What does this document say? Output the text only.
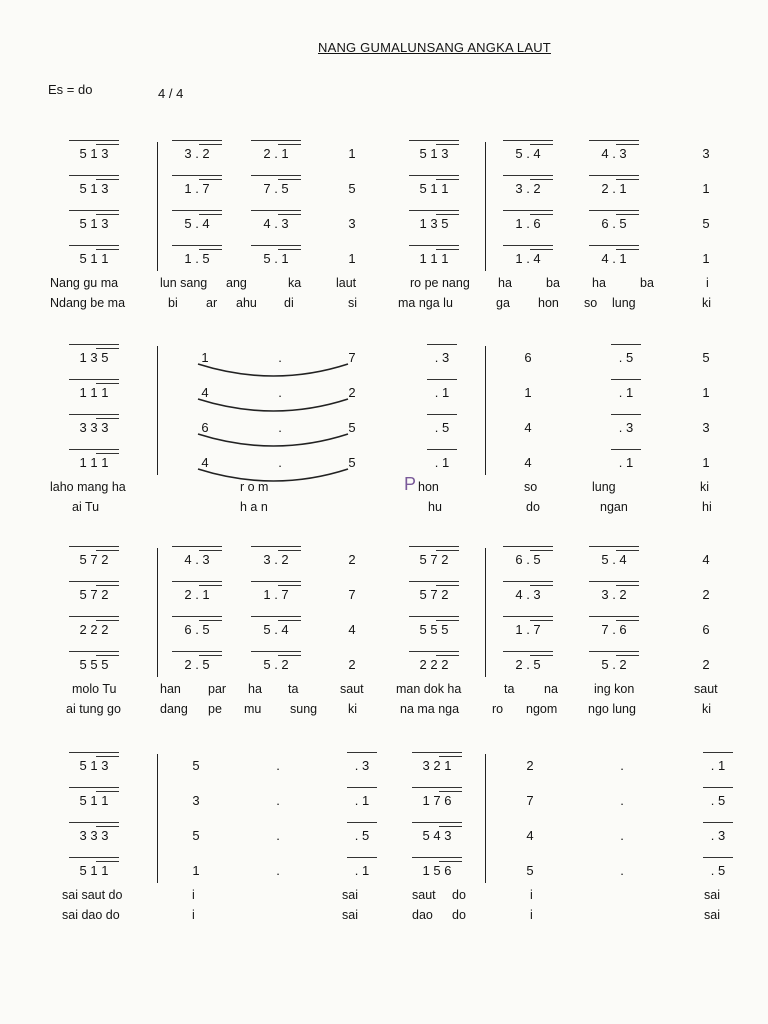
NANG GUMALUNSANG ANGKA LAUT
Es = do	4 / 4
5 1 3	3 . 2	2 . 1	1	5 1 3	5 . 4	4 . 3	3
5 1 3	1 . 7	7 . 5	5	5 1 1	3 . 2	2 . 1	1
5 1 3	5 . 4	4 . 3	3	1 3 5	1 . 6	6 . 5	5
5 1 1	1 . 5	5 . 1	1	1 1 1	1 . 4	4 . 1	1
Nang gu ma	lun sang ang	ka	laut	ro pe nang ha	ba	ha	ba	i
Ndang be ma	bi ar ahu di	si	ma nga lu	ga hon so lung	ki
1 3 5	1	.	7	. 3	6	. 5	5
1 1 1	4	.	2	. 1	1	. 1	1
3 3 3	6	.	5	. 5	4	. 3	3
1 1 1	4	.	5	. 1	4	. 1	1
laho mang ha	r o m	P hon	so	lung	ki
ai Tu	h a n	hu	do	ngan	hi
5 7 2	4 . 3	3 . 2	2	5 7 2	6 . 5	5 . 4	4
5 7 2	2 . 1	1 . 7	7	5 7 2	4 . 3	3 . 2	2
2 2 2	6 . 5	5 . 4	4	5 5 5	1 . 7	7 . 6	6
5 5 5	2 . 5	5 . 2	2	2 2 2	2 . 5	5 . 2	2
molo Tu	han par ha ta	saut	man dok ha	ta na	ing kon	saut
ai tung go	dang pe mu sung ki	na ma nga	ro ngom ngo lung	ki
5 1 3	5	.	. 3	3 2 1	2	.	. 1
5 1 1	3	.	. 1	1 7 6	7	.	. 5
3 3 3	5	.	. 5	5 4 3	4	.	. 3
5 1 1	1	.	. 1	1 5 6	5	.	. 5
sai saut do	i	sai	saut do	i	sai
sai dao do	i	sai	dao do	i	sai
